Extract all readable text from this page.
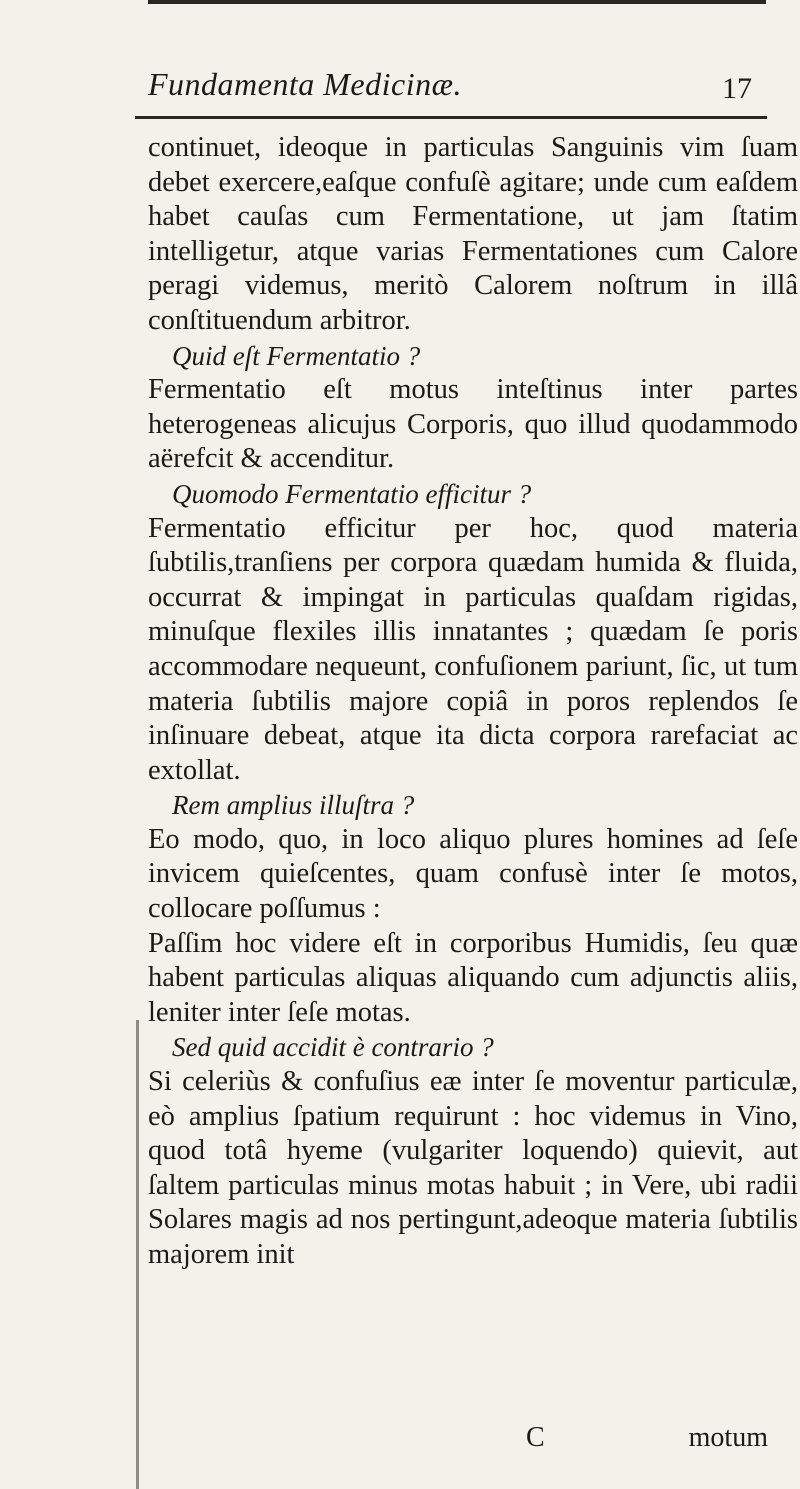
Fundamenta Medicinæ.	17

continuet, ideoque in particulas Sanguinis vim ſuam debet exercere,eaſque confuſè agitare; unde cum eaſdem habet cauſas cum Fermentatione, ut jam ſtatim intelligetur, atque varias Fermentationes cum Calore peragi videmus, meritò Calorem noſtrum in illâ conſtituendum arbitror.

Quid eſt Fermentatio ?

Fermentatio eſt motus inteſtinus inter partes heterogeneas alicujus Corporis, quo illud quodammodo aërefcit & accenditur.

Quomodo Fermentatio efficitur ?

Fermentatio efficitur per hoc, quod materia ſubtilis,tranſiens per corpora quædam humida & fluida, occurrat & impingat in particulas quaſdam rigidas, minuſque flexiles illis innatantes ; quædam ſe poris accommodare nequeunt, confuſionem pariunt, ſic, ut tum materia ſubtilis majore copiâ in poros replendos ſe inſinuare debeat, atque ita dicta corpora rarefaciat ac extollat.

Rem amplius illuſtra ?

Eo modo, quo, in loco aliquo plures homines ad ſeſe invicem quieſcentes, quam confusè inter ſe motos, collocare poſſumus :

Paſſim hoc videre eſt in corporibus Humidis, ſeu quæ habent particulas aliquas aliquando cum adjunctis aliis, leniter inter ſeſe motas.

Sed quid accidit è contrario ?

Si celeriùs & confuſius eæ inter ſe moventur particulæ, eò amplius ſpatium requirunt : hoc videmus in Vino, quod totâ hyeme (vulgariter loquendo) quievit, aut ſaltem particulas minus motas habuit ; in Vere, ubi radii Solares magis ad nos pertingunt,adeoque materia ſubtilis majorem init

C	motum
